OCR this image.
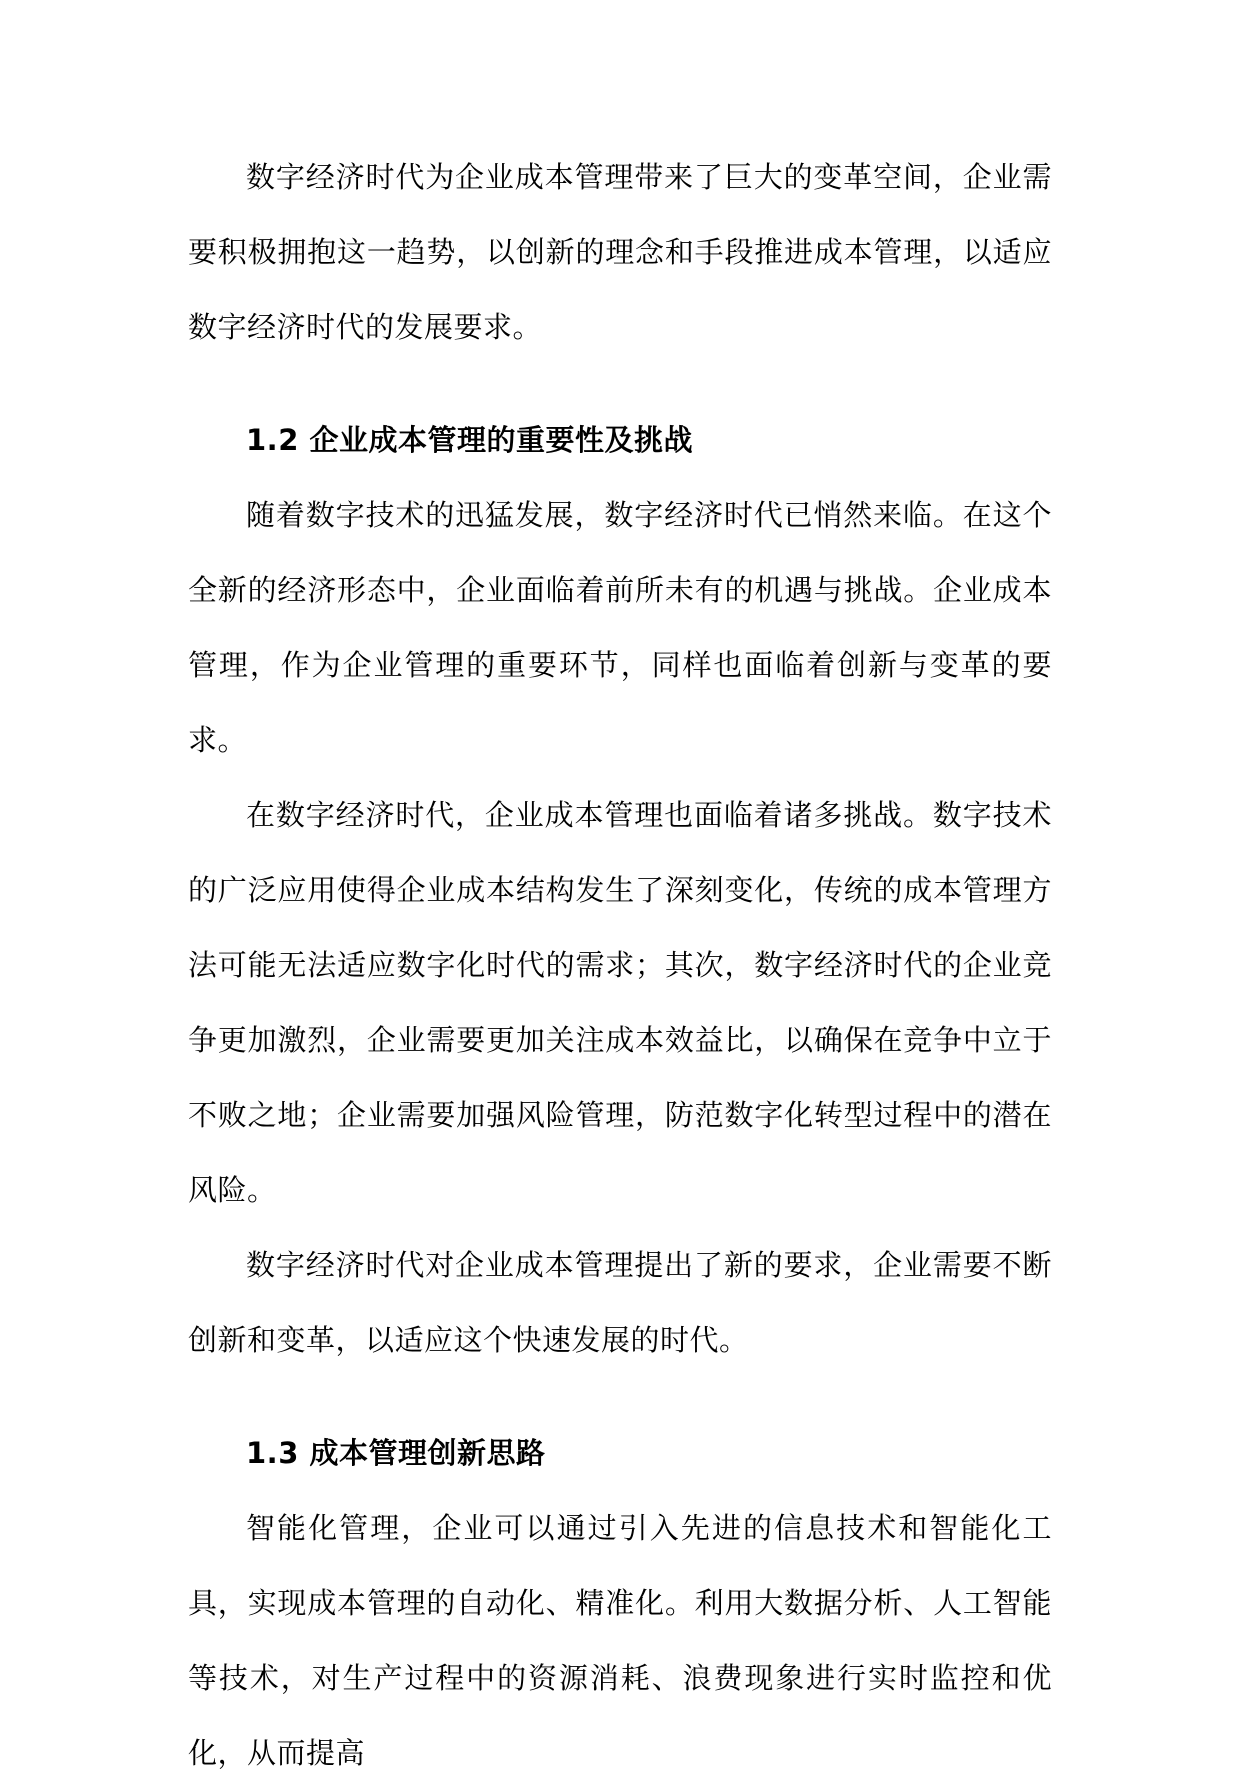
数字经济时代为企业成本管理带来了巨大的变革空间，企业需要积极拥抱这一趋势，以创新的理念和手段推进成本管理，以适应数字经济时代的发展要求。

1.2 企业成本管理的重要性及挑战

随着数字技术的迅猛发展，数字经济时代已悄然来临。在这个全新的经济形态中，企业面临着前所未有的机遇与挑战。企业成本管理，作为企业管理的重要环节，同样也面临着创新与变革的要求。

在数字经济时代，企业成本管理也面临着诸多挑战。数字技术的广泛应用使得企业成本结构发生了深刻变化，传统的成本管理方法可能无法适应数字化时代的需求；其次，数字经济时代的企业竞争更加激烈，企业需要更加关注成本效益比，以确保在竞争中立于不败之地；企业需要加强风险管理，防范数字化转型过程中的潜在风险。

数字经济时代对企业成本管理提出了新的要求，企业需要不断创新和变革，以适应这个快速发展的时代。

1.3 成本管理创新思路

智能化管理，企业可以通过引入先进的信息技术和智能化工具，实现成本管理的自动化、精准化。利用大数据分析、人工智能等技术，对生产过程中的资源消耗、浪费现象进行实时监控和优化，从而提高
